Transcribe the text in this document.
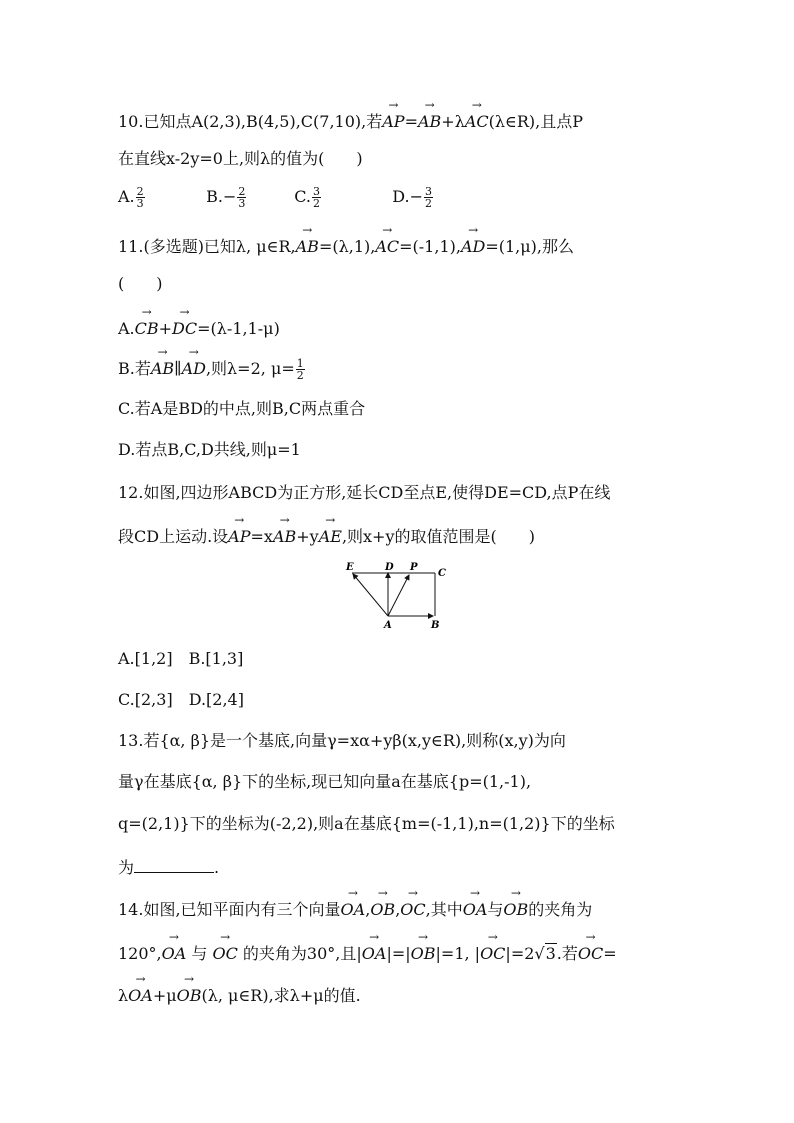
10.已知点A(2,3),B(4,5),C(7,10),若→ AP=→ AB+λ→ AC(λ∈R),且点P
在直线x-2y=0上,则λ的值为(　　)
A. $\frac{2}{3}$	$B.- \frac{2}{3}$	C. $\frac{3}{2}$	$D.- \frac{3}{2}$
11.(多选题)已知λ, μ∈R,→ AB=(λ,1),→ AC=(-1,1),→ AD=(1,μ),那么
(　　)
A.→ CB+→ DC=(λ-1,1-μ)
B.若→ AB∥→ AD,则λ=2, $\mu= \frac{1}{2}$
C.若A是BD的中点,则B,C两点重合
D.若点B,C,D共线,则μ=1
12.如图,四边形ABCD为正方形,延长CD至点E,使得DE=CD,点P在线
段CD上运动.设→ AP=x→ AB+y→ AE,则x+y的取值范围是(　　)
E	D P
C
A	B
A.[1,2]　B.[1,3]
C.[2,3]　D.[2,4]
13.若{α, β}是一个基底,向量γ=xα+yβ(x,y∈R),则称(x,y)为向
量γ在基底{α, β}下的坐标,现已知向量a在基底{p=(1,-1),
q=(2,1)}下的坐标为(-2,2),则a在基底{m=(-1,1),n=(1,2)}下的坐标
为	.
14.如图,已知平面内有三个向量→ OA,→ OB,→ OC,其中→ OA与→ OB的夹角为
120°,→ OA 与 → OC 的夹角为30°,且|→ OA|=|→ OB|=1, |→ OC|=2√3.若→ OC=
λ→ OA+μ→ OB(λ, μ∈R),求λ+μ的值.
